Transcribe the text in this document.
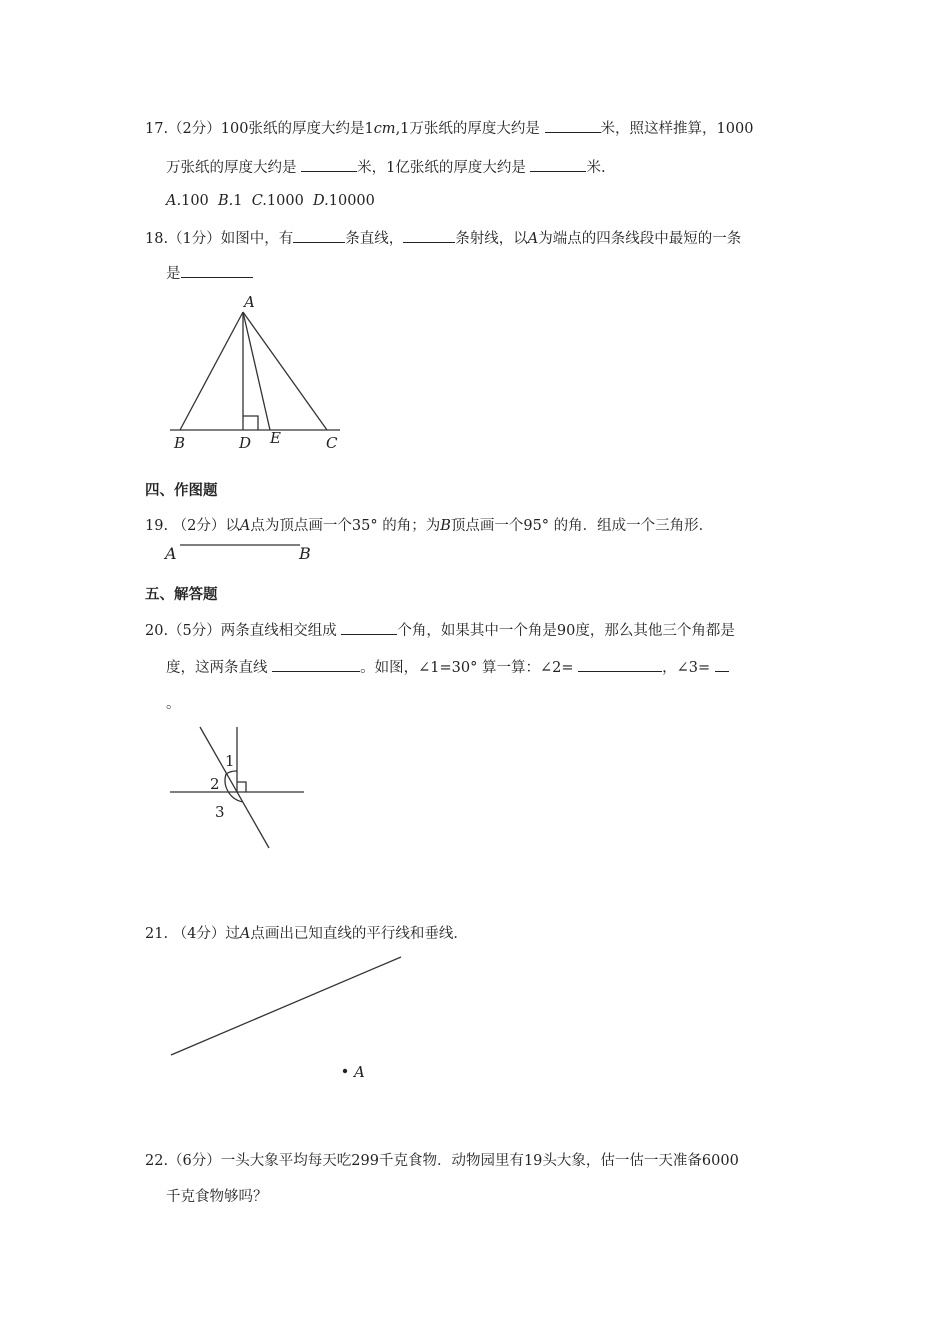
17.（2分）100张纸的厚度大约是1cm,1万张纸的厚度大约是	米，照这样推算，1000
万张纸的厚度大约是	米，1亿张纸的厚度大约是	米.
A.100 B.1 C.1000 D.10000
18.（1分）如图中，有	条直线，	条射线，以A为端点的四条线段中最短的一条
是
A
B	D E	C
1
2
3
A
四、作图题
19. （2分）以A点为顶点画一个35° 的角；为B顶点画一个95° 的角．组成一个三角形．
A	B
五、解答题
20.（5分）两条直线相交组成	个角，如果其中一个角是90度，那么其他三个角都是
度，这两条直线	。如图，∠1=30° 算一算：∠2=	，∠3=
。
21. （4分）过A点画出已知直线的平行线和垂线．
22.（6分）一头大象平均每天吃299千克食物．动物园里有19头大象，估一估一天准备6000
千克食物够吗？
